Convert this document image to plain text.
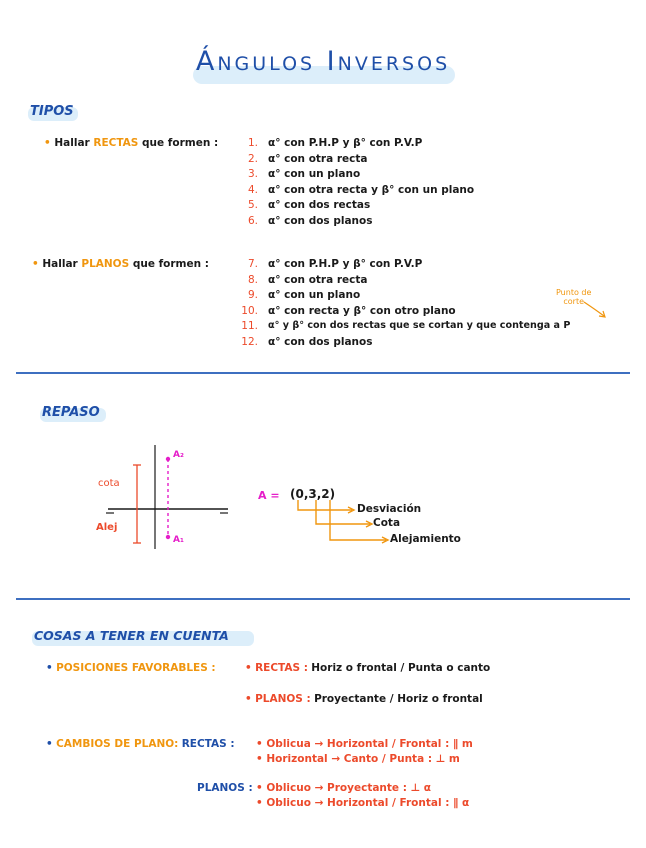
Ángulos Inversos
TIPOS
• Hallar RECTAS que formen :	1. α° con P.H.P y β° con P.V.P
2. α° con otra recta
3. α° con un plano
4. α° con otra recta y β° con un plano
5. α° con dos rectas
6. α° con dos planos
• Hallar PLANOS que formen :	7. α° con P.H.P y β° con P.V.P
8. α° con otra recta
9. α° con un plano
10. α° con recta y β° con otro plano
11. α° y β° con dos rectas que se cortan y que contenga a P
12. α° con dos planos
Punto de
corte
REPASO
cota
Alej
A₂
A₁
A = (0,3,2)
Desviación
Cota
Alejamiento
COSAS A TENER EN CUENTA
• POSICIONES FAVORABLES :	• RECTAS : Horiz o frontal / Punta o canto
• PLANOS : Proyectante / Horiz o frontal
• CAMBIOS DE PLANO: RECTAS : • Oblicua → Horizontal / Frontal : ∥ m
• Horizontal → Canto / Punta : ⊥ m
PLANOS : • Oblicuo → Proyectante : ⊥ α
• Oblicuo → Horizontal / Frontal : ∥ α
